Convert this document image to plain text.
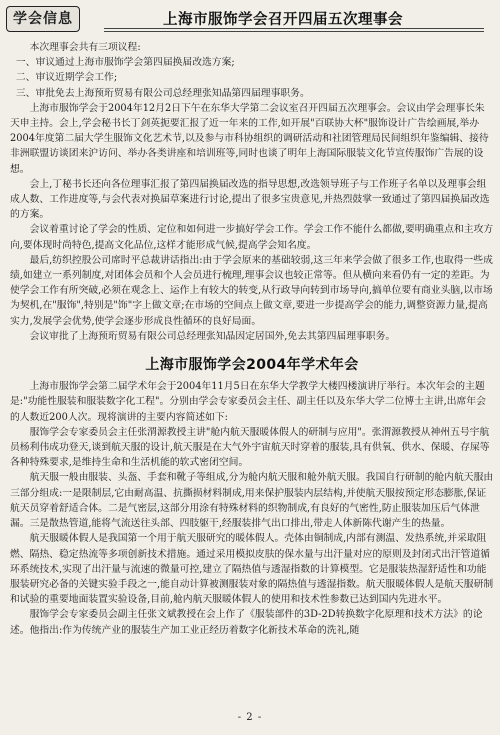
学会信息	上海市服饰学会召开四届五次理事会

本次理事会共有三项议程:

一、审议通过上海市服饰学会第四届换届改选方案;

二、审议近期学会工作;

三、审批免去上海预珩贸易有限公司总经理张知晶第四届理事职务。

上海市服饰学会于2004年12月2日下午在东华大学第二会议室召开四届五次理事会。会议由学会理事长朱天申主持。会上,学会秘书长丁剑英扼要汇报了近一年来的工作,如开展"百联协大杯"服饰设计广告绘画展,举办2004年度第二届大学生服饰文化艺术节,以及参与市科协组织的调研活动和社团管理局民间组织年鉴编辑、接待非洲联盟访谈团来沪访问、举办各类讲座和培训班等,同时也谈了明年上海国际服装文化节宣传服饰广告展的设想。

会上,丁秘书长还向各位理事汇报了第四届换届改选的指导思想,改选领导班子与工作班子名单以及理事会组成人数、工作进度等,与会代表对换届草案进行讨论,提出了很多宝贵意见,并热烈鼓掌一致通过了第四届换届改选的方案。

会议着重讨论了学会的性质、定位和如何进一步搞好学会工作。学会工作不能什么都做,要明确重点和主攻方向,要体现时尚特色,提高文化品位,这样才能形成气候,提高学会知名度。

最后,纺织控股公司席时平总裁讲话指出:由于学会原来的基础较弱,这三年来学会做了很多工作,也取得一些成绩,如建立一系列制度,对团体会员和个人会员进行梳理,理事会议也较正常等。但从横向来看仍有一定的差距。为使学会工作有所突破,必须在观念上、运作上有较大的转变,从行政导向转到市场导向,搞单位要有商业头脑,以市场为契机,在"服饰",特别是"饰"字上做文章;在市场的空间点上做文章,要进一步提高学会的能力,调整资源力量,提高实力,发展学会优势,使学会逐步形成良性循环的良好局面。

会议审批了上海预珩贸易有限公司总经理张知晶因定居国外,免去其第四届理事职务。

上海市服饰学会2004年学术年会

上海市服饰学会第二届学术年会于2004年11月5日在东华大学教学大楼四楼演讲厅举行。本次年会的主题是:"功能性服装和服装数字化工程"。分别由学会专家委员会主任、副主任以及东华大学二位博士主讲,出席年会的人数近200人次。现将演讲的主要内容简述如下:

服饰学会专家委员会主任张渭源教授主讲"舱内航天服暖体假人的研制与应用"。张渭源教授从神州五号宇航员杨利伟成功登天,谈到航天服的设计,航天服是在大气外宇宙航天时穿着的服装,具有供氧、供水、保暖、存屎等各种特殊要求,是维持生命和生活机能的软式密闭空间。

航天服一般由服装、头盔、手套和靴子等组成,分为舱内航天服和舱外航天服。我国自行研制的舱内航天服由三部分组成:一是限制层,它由耐高温、抗撕损材料制成,用来保护服装内层结构,并使航天服按预定形态膨胀,保证航天员穿着舒适合体。二是气密层,这部分用涂有特殊材料的织物制成,有良好的气密性,防止服装加压后气体泄漏。三是散热管道,能将气流送往头部、四肢躯干,经服装排气出口排出,带走人体新陈代谢产生的热量。

航天服暖体假人是我国第一个用于航天服研究的暖体假人。壳体由铜制成,内部有测温、发热系统,并采取阻燃、隔热、稳定热流等多项创新技术措施。通过采用模拟皮肤的保水量与出汗量对应的原则及封闭式出汗管道循环系统技术,实现了出汗量与流速的微量可控,建立了隔热值与透湿指数的计算模型。它是服装热湿舒适性和功能服装研究必备的关键实验手段之一,能自动计算被测服装对象的隔热值与透湿指数。航天服暖体假人是航天服研制和试验的重要地面装置实验设备,目前,舱内航天服暖体假人的使用和技术性参数已达到国内先进水平。

服饰学会专家委员会副主任张文斌教授在会上作了《服装部件的3D-2D转换数字化原理和技术方法》的论述。他指出:作为传统产业的服装生产加工业正经历着数字化新技术革命的洗礼,随

- 2 -
